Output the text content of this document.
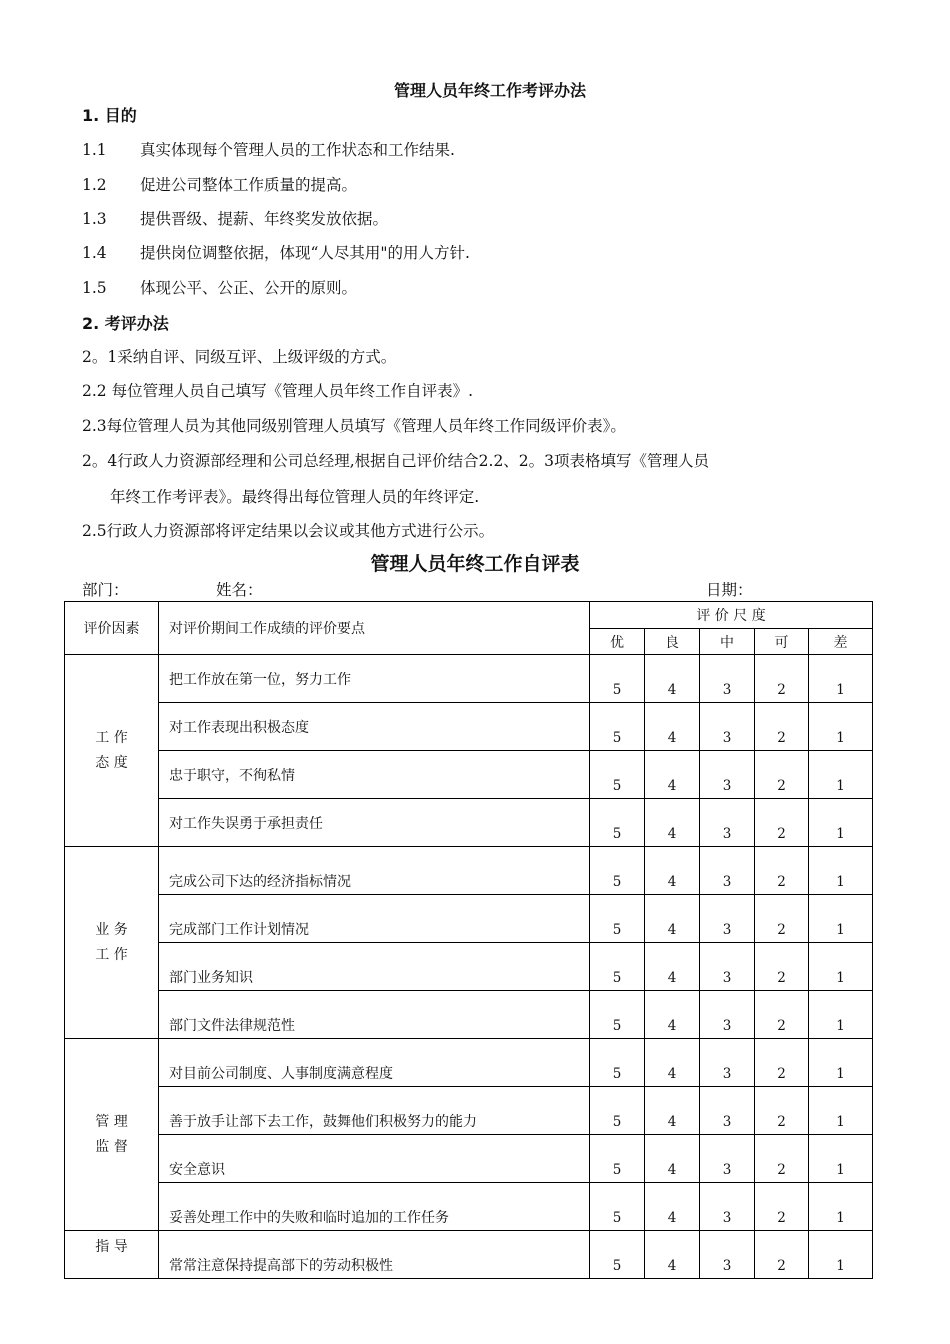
管理人员年终工作考评办法
1. 目的
1.1 真实体现每个管理人员的工作状态和工作结果.
1.2 促进公司整体工作质量的提高。
1.3 提供晋级、提薪、年终奖发放依据。
1.4 提供岗位调整依据，体现“人尽其用"的用人方针.
1.5 体现公平、公正、公开的原则。
2. 考评办法
2。1采纳自评、同级互评、上级评级的方式。
2.2 每位管理人员自己填写《管理人员年终工作自评表》.
2.3每位管理人员为其他同级别管理人员填写《管理人员年终工作同级评价表》。
2。4行政人力资源部经理和公司总经理,根据自己评价结合2.2、2。3项表格填写《管理人员
年终工作考评表》。最终得出每位管理人员的年终评定.
2.5行政人力资源部将评定结果以会议或其他方式进行公示。
管理人员年终工作自评表
部门：	姓名：	日期：
评价因素	对评价期间工作成绩的评价要点	评 价 尺 度				
		优	良	中	可	差

工 作
态 度	把工作放在第一位，努力工作	5	4	3	2	1

	对工作表现出积极态度	5	4	3	2	1

	忠于职守，不徇私情	5	4	3	2	1

	对工作失误勇于承担责任	5	4	3	2	1

业 务
工 作	完成公司下达的经济指标情况	5	4	3	2	1

	完成部门工作计划情况	5	4	3	2	1

	部门业务知识	5	4	3	2	1

	部门文件法律规范性	5	4	3	2	1

管 理
监 督	对目前公司制度、人事制度满意程度	5	4	3	2	1

	善于放手让部下去工作，鼓舞他们积极努力的能力	5	4	3	2	1

	安全意识	5	4	3	2	1

	妥善处理工作中的失败和临时追加的工作任务	5	4	3	2	1

指 导	常常注意保持提高部下的劳动积极性	5	4	3	2	1
